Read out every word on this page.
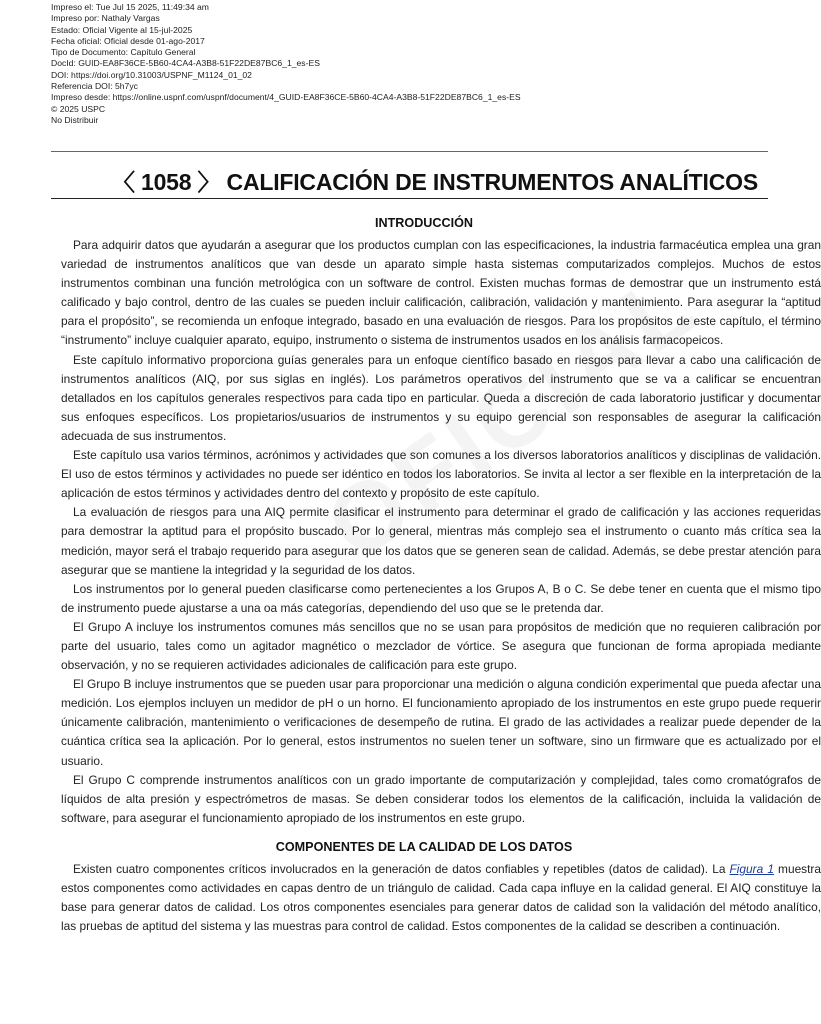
Impreso el: Tue Jul 15 2025, 11:49:34 am
Impreso por: Nathaly Vargas
Estado: Oficial Vigente al 15-jul-2025
Fecha oficial: Oficial desde 01-ago-2017
Tipo de Documento: Capítulo General
DocId: GUID-EA8F36CE-5B60-4CA4-A3B8-51F22DE87BC6_1_es-ES
DOI: https://doi.org/10.31003/USPNF_M1124_01_02
Referencia DOI: 5h7yc
Impreso desde: https://online.uspnf.com/uspnf/document/4_GUID-EA8F36CE-5B60-4CA4-A3B8-51F22DE87BC6_1_es-ES
© 2025 USPC
No Distribuir
〈 1058 〉 CALIFICACIÓN DE INSTRUMENTOS ANALÍTICOS
INTRODUCCIÓN

Para adquirir datos que ayudarán a asegurar que los productos cumplan con las especificaciones, la industria farmacéutica emplea una gran variedad de instrumentos analíticos que van desde un aparato simple hasta sistemas computarizados complejos. Muchos de estos instrumentos combinan una función metrológica con un software de control. Existen muchas formas de demostrar que un instrumento está calificado y bajo control, dentro de las cuales se pueden incluir calificación, calibración, validación y mantenimiento. Para asegurar la “aptitud para el propósito”, se recomienda un enfoque integrado, basado en una evaluación de riesgos. Para los propósitos de este capítulo, el término “instrumento” incluye cualquier aparato, equipo, instrumento o sistema de instrumentos usados en los análisis farmacopeicos.

Este capítulo informativo proporciona guías generales para un enfoque científico basado en riesgos para llevar a cabo una calificación de instrumentos analíticos (AIQ, por sus siglas en inglés). Los parámetros operativos del instrumento que se va a calificar se encuentran detallados en los capítulos generales respectivos para cada tipo en particular. Queda a discreción de cada laboratorio justificar y documentar sus enfoques específicos. Los propietarios/usuarios de instrumentos y su equipo gerencial son responsables de asegurar la calificación adecuada de sus instrumentos.

Este capítulo usa varios términos, acrónimos y actividades que son comunes a los diversos laboratorios analíticos y disciplinas de validación. El uso de estos términos y actividades no puede ser idéntico en todos los laboratorios. Se invita al lector a ser flexible en la interpretación de la aplicación de estos términos y actividades dentro del contexto y propósito de este capítulo.

La evaluación de riesgos para una AIQ permite clasificar el instrumento para determinar el grado de calificación y las acciones requeridas para demostrar la aptitud para el propósito buscado. Por lo general, mientras más complejo sea el instrumento o cuanto más crítica sea la medición, mayor será el trabajo requerido para asegurar que los datos que se generen sean de calidad. Además, se debe prestar atención para asegurar que se mantiene la integridad y la seguridad de los datos.

Los instrumentos por lo general pueden clasificarse como pertenecientes a los Grupos A, B o C. Se debe tener en cuenta que el mismo tipo de instrumento puede ajustarse a una oa más categorías, dependiendo del uso que se le pretenda dar.

El Grupo A incluye los instrumentos comunes más sencillos que no se usan para propósitos de medición que no requieren calibración por parte del usuario, tales como un agitador magnético o mezclador de vórtice. Se asegura que funcionan de forma apropiada mediante observación, y no se requieren actividades adicionales de calificación para este grupo.

El Grupo B incluye instrumentos que se pueden usar para proporcionar una medición o alguna condición experimental que pueda afectar una medición. Los ejemplos incluyen un medidor de pH o un horno. El funcionamiento apropiado de los instrumentos en este grupo puede requerir únicamente calibración, mantenimiento o verificaciones de desempeño de rutina. El grado de las actividades a realizar puede depender de la cuántica crítica sea la aplicación. Por lo general, estos instrumentos no suelen tener un software, sino un firmware que es actualizado por el usuario.

El Grupo C comprende instrumentos analíticos con un grado importante de computarización y complejidad, tales como cromatógrafos de líquidos de alta presión y espectrómetros de masas. Se deben considerar todos los elementos de la calificación, incluida la validación de software, para asegurar el funcionamiento apropiado de los instrumentos en este grupo.

COMPONENTES DE LA CALIDAD DE LOS DATOS

Existen cuatro componentes críticos involucrados en la generación de datos confiables y repetibles (datos de calidad). La Figura 1 muestra estos componentes como actividades en capas dentro de un triángulo de calidad. Cada capa influye en la calidad general. El AIQ constituye la base para generar datos de calidad. Los otros componentes esenciales para generar datos de calidad son la validación del método analítico, las pruebas de aptitud del sistema y las muestras para control de calidad. Estos componentes de la calidad se describen a continuación.
